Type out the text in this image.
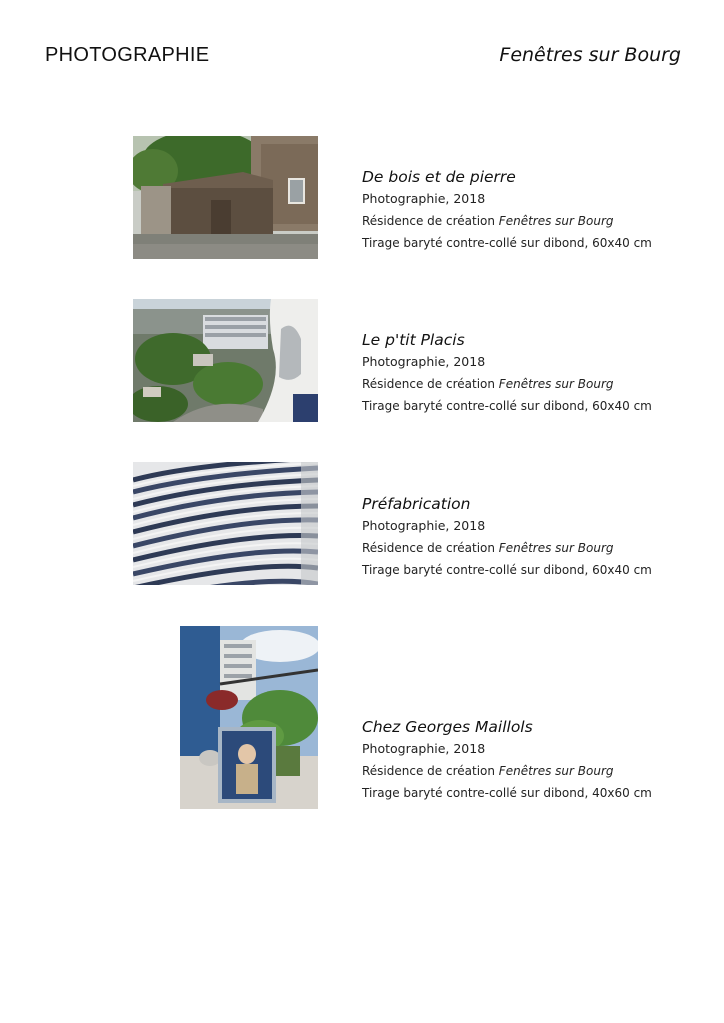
PHOTOGRAPHIE	Fenêtres sur Bourg
De bois et de pierre
Photographie, 2018
Résidence de création Fenêtres sur Bourg
Tirage baryté contre-collé sur dibond, 60x40 cm
Le p'tit Placis
Photographie, 2018
Résidence de création Fenêtres sur Bourg
Tirage baryté contre-collé sur dibond, 60x40 cm
Préfabrication
Photographie, 2018
Résidence de création Fenêtres sur Bourg
Tirage baryté contre-collé sur dibond, 60x40 cm
Chez Georges Maillols
Photographie, 2018
Résidence de création Fenêtres sur Bourg
Tirage baryté contre-collé sur dibond, 40x60 cm
